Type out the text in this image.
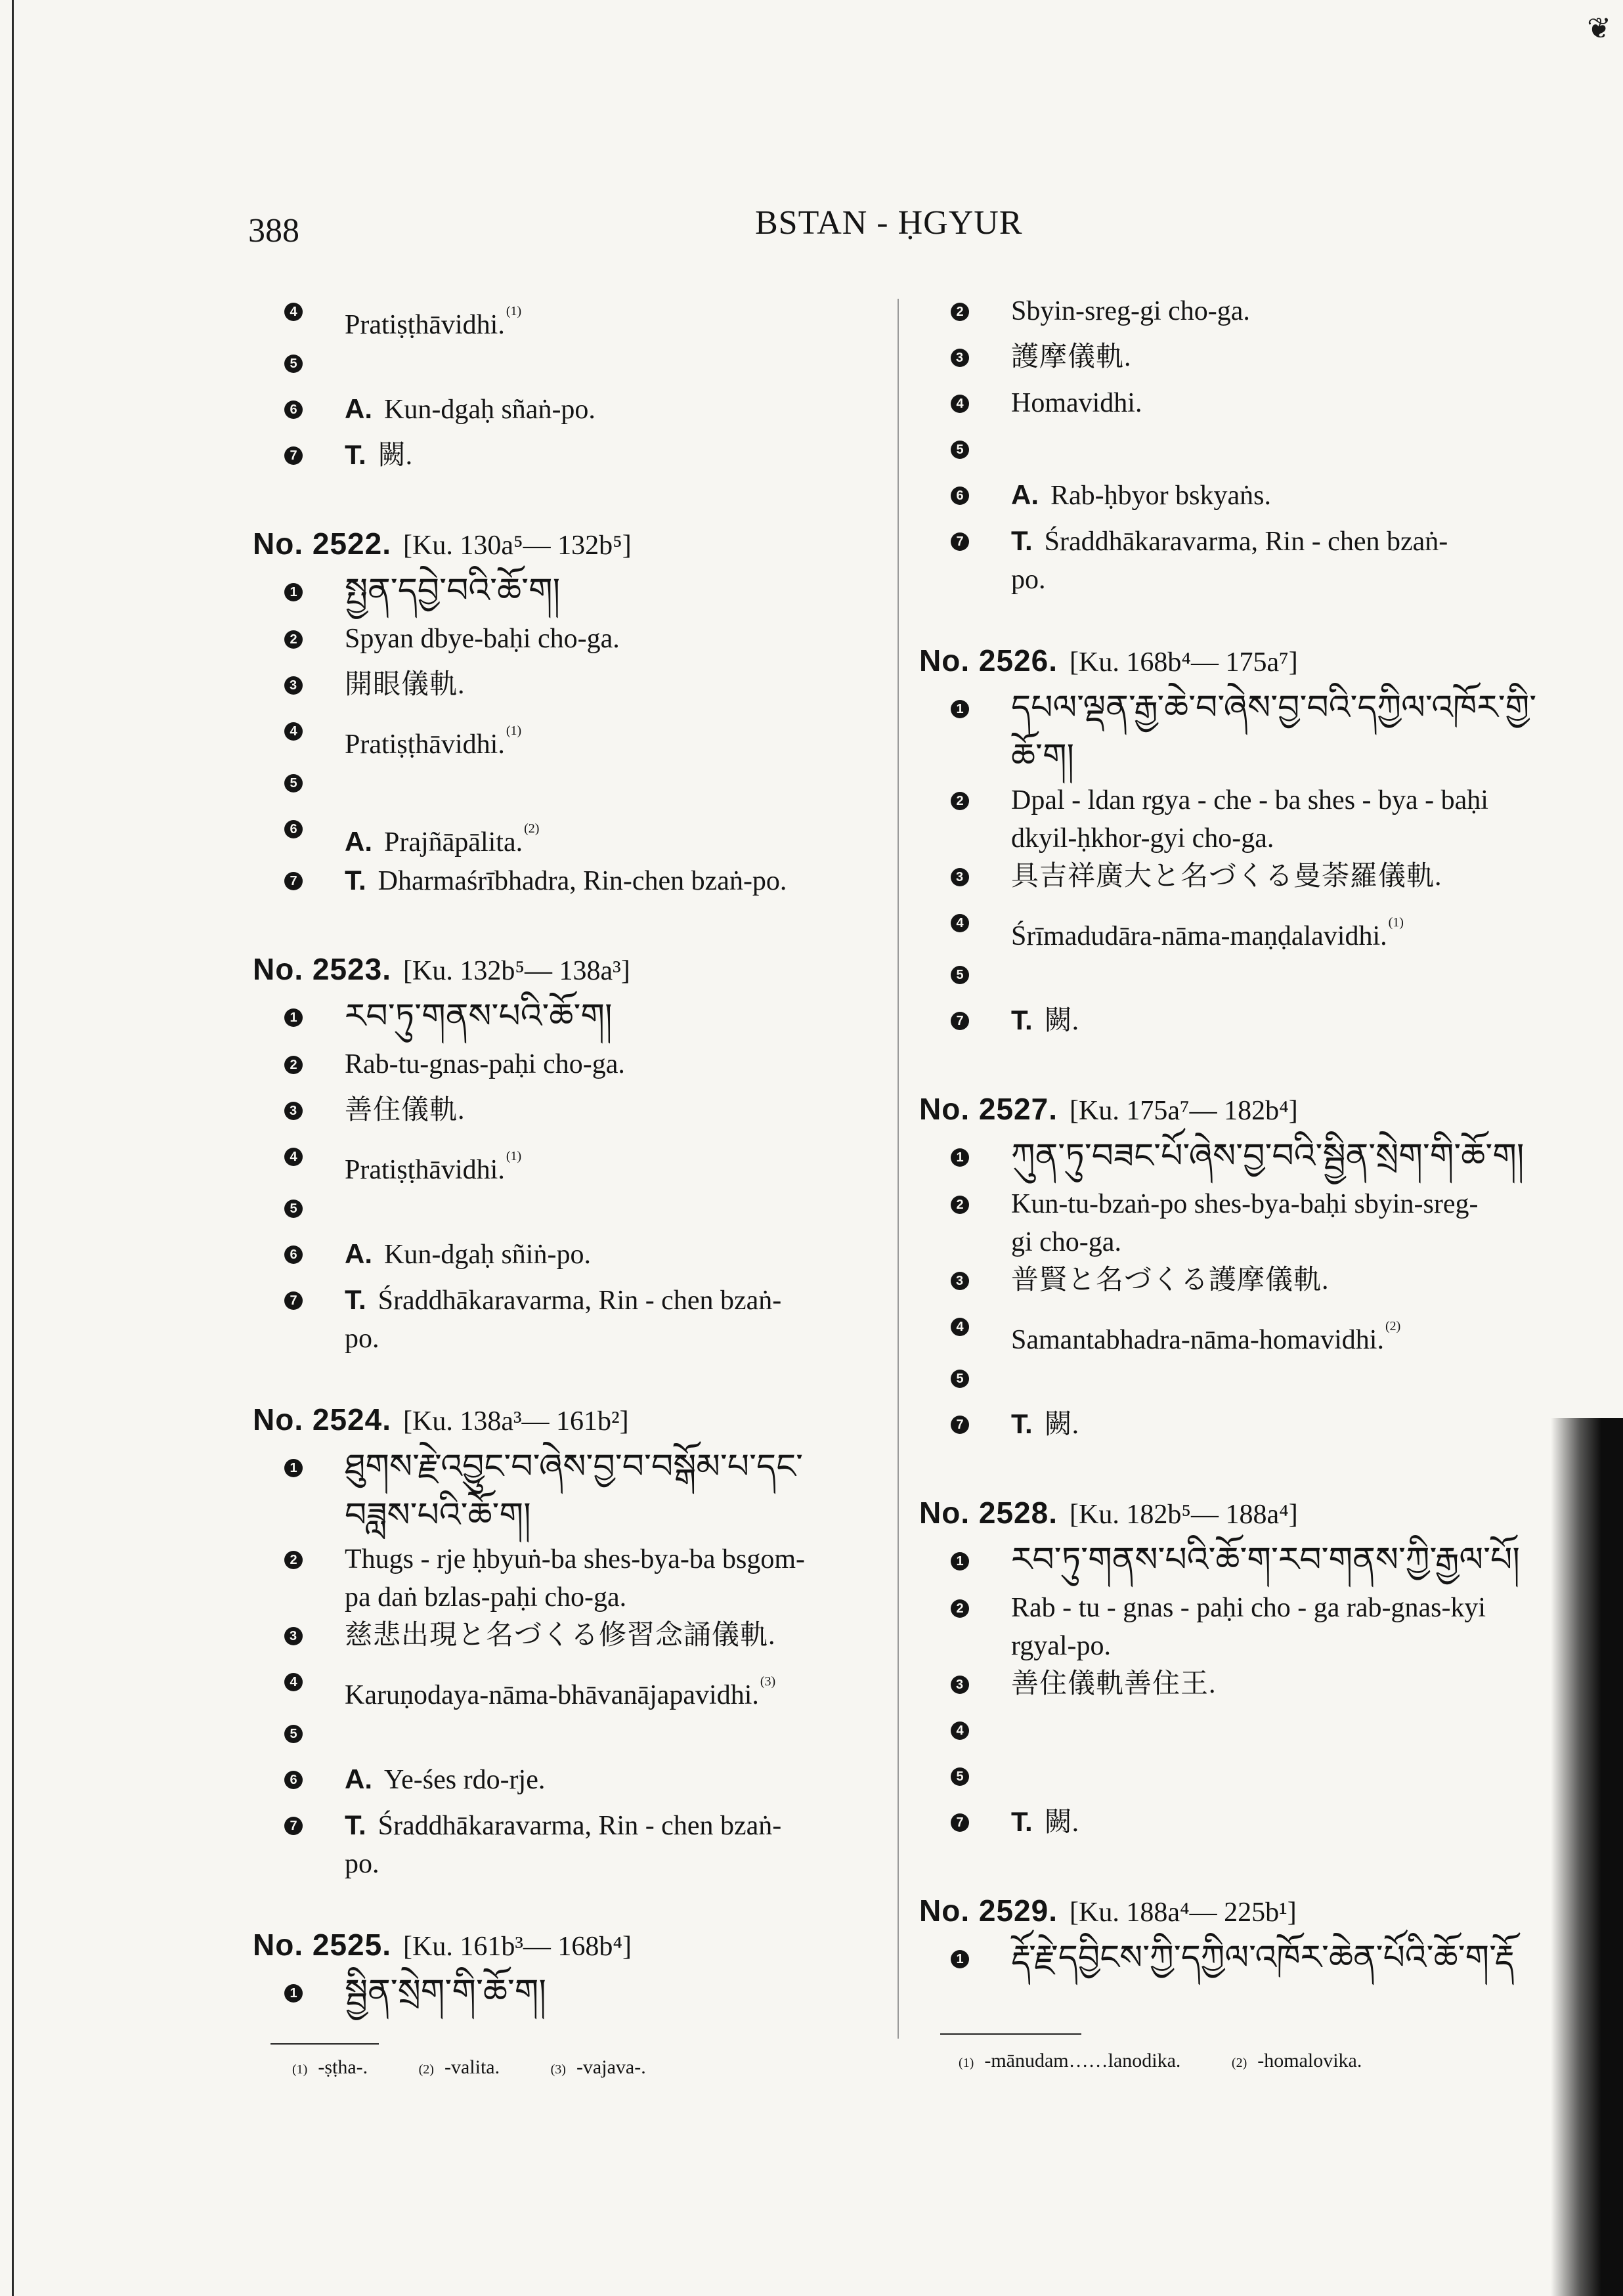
❦
388	BSTAN - ḤGYUR
4 Pratiṣṭhāvidhi. $^{(1)}$
5
6 A. Kun-dgaḥ sñaṅ-po.
7 T. 闕.
No. 2522. [Ku. 130a⁵— 132b⁵]
1 སྤྱན་དབྱེ་བའི་ཆོ་ག།
2 Spyan dbye-baḥi cho-ga.
3 開眼儀軌.
4 Pratiṣṭhāvidhi. $^{(1)}$
5
6 A. Prajñāpālita. $^{(2)}$
7 T. Dharmaśrībhadra, Rin-chen bzaṅ-po.
No. 2523. [Ku. 132b⁵— 138a³]
1 རབ་ཏུ་གནས་པའི་ཆོ་ག།
2 Rab-tu-gnas-paḥi cho-ga.
3 善住儀軌.
4 Pratiṣṭhāvidhi. $^{(1)}$
5
6 A. Kun-dgaḥ sñiṅ-po.
7 T. Śraddhākaravarma, Rin - chen bzaṅ-
po.
No. 2524. [Ku. 138a³— 161b²]
1 ཐུགས་རྗེ་འབྱུང་བ་ཞེས་བྱ་བ་བསྒོམ་པ་དང་
བཟླས་པའི་ཆོ་ག།
2 Thugs - rje ḥbyuṅ-ba shes-bya-ba bsgom-
pa daṅ bzlas-paḥi cho-ga.
3 慈悲出現と名づくる修習念誦儀軌.
4 Karuṇodaya-nāma-bhāvanājapavidhi. $^{(3)}$
5
6 A. Ye-śes rdo-rje.
7 T. Śraddhākaravarma, Rin - chen bzaṅ-
po.
No. 2525. [Ku. 161b³— 168b⁴]
1 སྦྱིན་སྲེག་གི་ཆོ་ག།
2 Sbyin-sreg-gi cho-ga.
3 護摩儀軌.
4 Homavidhi.
5
6 A. Rab-ḥbyor bskyaṅs.
7 T. Śraddhākaravarma, Rin - chen bzaṅ-
po.
No. 2526. [Ku. 168b⁴— 175a⁷]
1 དཔལ་ལྡན་རྒྱ་ཆེ་བ་ཞེས་བྱ་བའི་དཀྱིལ་འཁོར་གྱི་
ཆོ་ག།
2 Dpal - ldan rgya - che - ba shes - bya - baḥi
dkyil-ḥkhor-gyi cho-ga.
3 具吉祥廣大と名づくる曼荼羅儀軌.
4 Śrīmadudāra-nāma-maṇḍalavidhi. $^{(1)}$
5
7 T. 闕.
No. 2527. [Ku. 175a⁷— 182b⁴]
1 ཀུན་ཏུ་བཟང་པོ་ཞེས་བྱ་བའི་སྦྱིན་སྲེག་གི་ཆོ་ག།
2 Kun-tu-bzaṅ-po shes-bya-baḥi sbyin-sreg-
gi cho-ga.
3 普賢と名づくる護摩儀軌.
4 Samantabhadra-nāma-homavidhi. $^{(2)}$
5
7 T. 闕.
No. 2528. [Ku. 182b⁵— 188a⁴]
1 རབ་ཏུ་གནས་པའི་ཆོ་ག་རབ་གནས་ཀྱི་རྒྱལ་པོ།
2 Rab - tu - gnas - paḥi cho - ga rab-gnas-kyi
rgyal-po.
3 善住儀軌善住王.
4
5
7 T. 闕.
No. 2529. [Ku. 188a⁴— 225b¹]
1 རྡོ་རྗེ་དབྱིངས་ཀྱི་དཀྱིལ་འཁོར་ཆེན་པོའི་ཆོ་ག་རྡོ
(1) -ṣṭha-.	(2) -valita.	(3) -vajava-.	(1) -mānudam……lanodika.	(2) -homalovika.
